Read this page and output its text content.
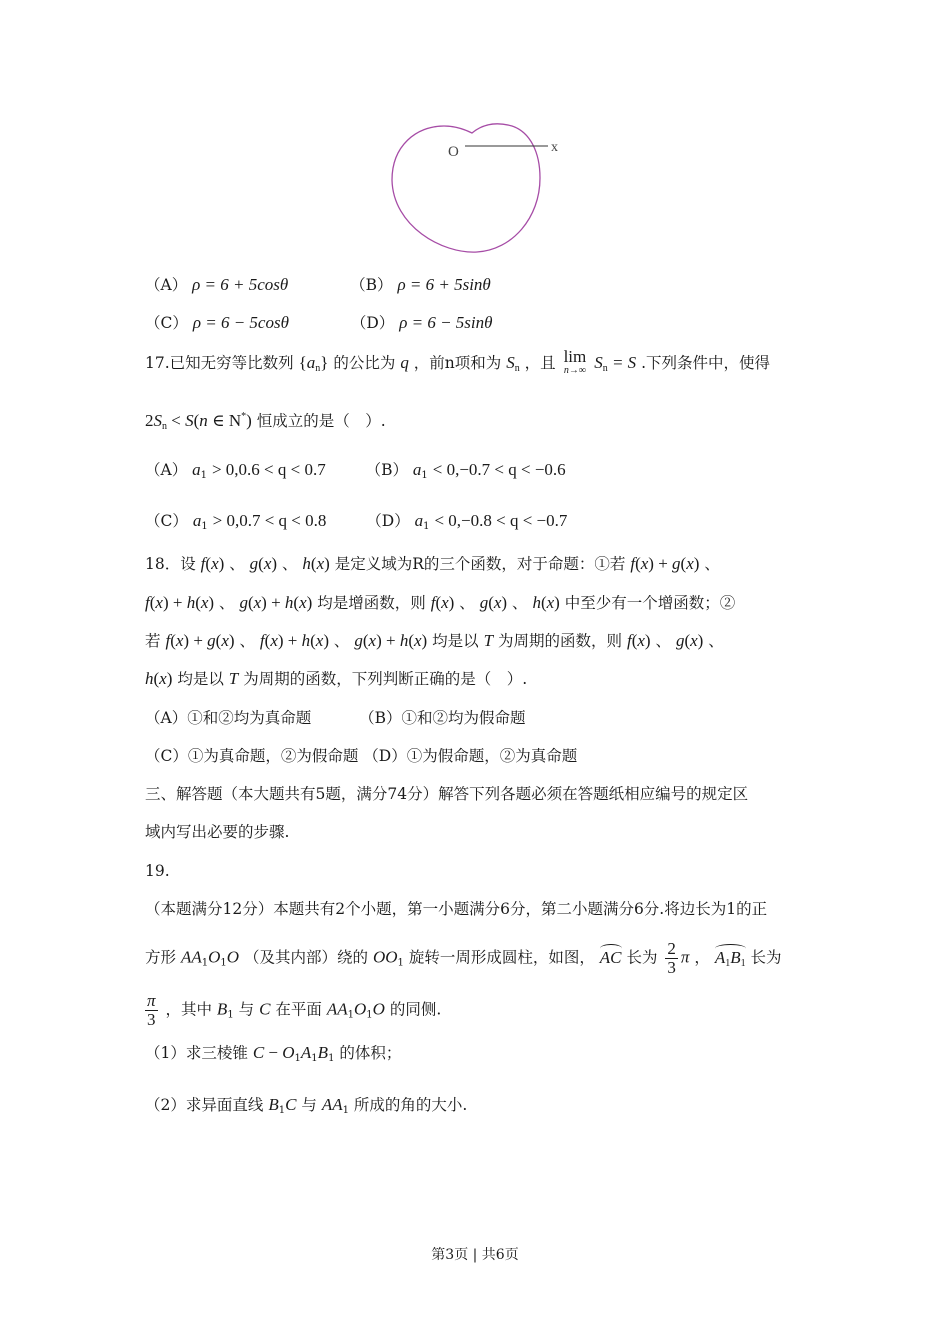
O	x
（A） ρ = 6 + 5cosθ	（B） ρ = 6 + 5sinθ
（C） ρ = 6 − 5cosθ	（D） ρ = 6 − 5sinθ
17.已知无穷等比数列 $\{a_n\}$ 的公比为 q ，前n项和为 $S_n$ ，且 lim
n→∞ $S_n = S$ .下列条件中，使得
$2S_n < S(n$ ∈ N*) 恒成立的是（　）.
（A） $a_1 > 0,0.6 < q < 0.7$	（B） $a_1 < 0,-0.7 < q < -0.6$
（C） $a_1 > 0,0.7 < q < 0.8$	（D） $a_1 < 0,-0.8 < q < -0.7$
18．设 f(x) 、 g(x) 、 h(x) 是定义域为R的三个函数，对于命题：①若 f(x) + g(x) 、
f(x) + h(x) 、 g(x) + h(x) 均是增函数，则 f(x) 、 g(x) 、 h(x) 中至少有一个增函数；②
若 f(x) + g(x) 、 f(x) + h(x) 、 g(x) + h(x) 均是以 T 为周期的函数，则 f(x) 、 g(x) 、
h(x) 均是以 T 为周期的函数，下列判断正确的是（　）.
（A）①和②均为真命题	（B）①和②均为假命题
（C）①为真命题，②为假命题 （D）①为假命题，②为真命题
三、解答题（本大题共有5题，满分74分）解答下列各题必须在答题纸相应编号的规定区
域内写出必要的步骤.
19.
（本题满分12分）本题共有2个小题，第一小题满分6分，第二小题满分6分.将边长为1的正
方形 $AA_1O_1O$ （及其内部）绕的 $OO_1$ 旋转一周形成圆柱，如图， AC 长为 $\frac{2}{3}$ π ， $A_1B_1$ 长为
$\frac{\pi}{3}$ ，其中 $B_1$ 与 C 在平面 $AA_1O_1O$ 的同侧.
（1）求三棱锥 $C - O_1A_1B_1$ 的体积；
（2）求异面直线 $B_1C$ 与 $AA_1$ 所成的角的大小.
第3页 | 共6页
